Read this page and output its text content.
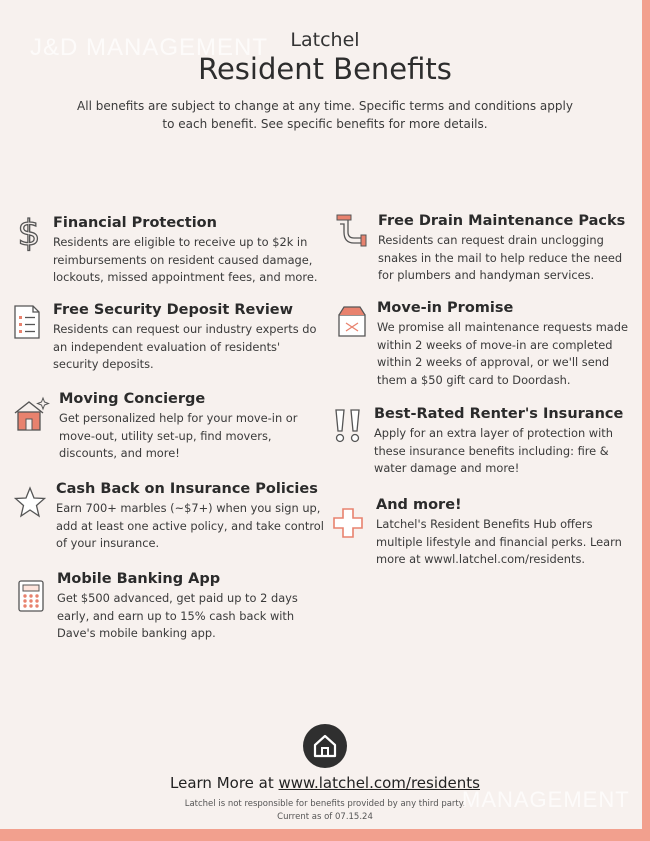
J&D MANAGEMENT	Latchel
Resident Benefits
All benefits are subject to change at any time. Specific terms and conditions apply to each benefit. See specific benefits for more details.
$ Financial Protection
Residents are eligible to receive up to $2k in reimbursements on resident caused damage, lockouts, missed appointment fees, and more.
Free Security Deposit Review
Residents can request our industry experts do an independent evaluation of residents' security deposits.
Moving Concierge
Get personalized help for your move-in or move-out, utility set-up, find movers, discounts, and more!
Cash Back on Insurance Policies
Earn 700+ marbles (~$7+) when you sign up, add at least one active policy, and take control of your insurance.
Mobile Banking App
Get $500 advanced, get paid up to 2 days early, and earn up to 15% cash back with Dave's mobile banking app.
Free Drain Maintenance Packs
Residents can request drain unclogging snakes in the mail to help reduce the need for plumbers and handyman services.
Move-in Promise
We promise all maintenance requests made within 2 weeks of move-in are completed within 2 weeks of approval, or we'll send them a $50 gift card to Doordash.
Best-Rated Renter's Insurance
Apply for an extra layer of protection with these insurance benefits including: fire & water damage and more!
And more!
Latchel's Resident Benefits Hub offers multiple lifestyle and financial perks. Learn more at wwwl.latchel.com/residents.
Learn More at www.latchel.com/residents
Latchel is not responsible for benefits provided by any third party.
Current as of 07.15.24
MANAGEMENT
